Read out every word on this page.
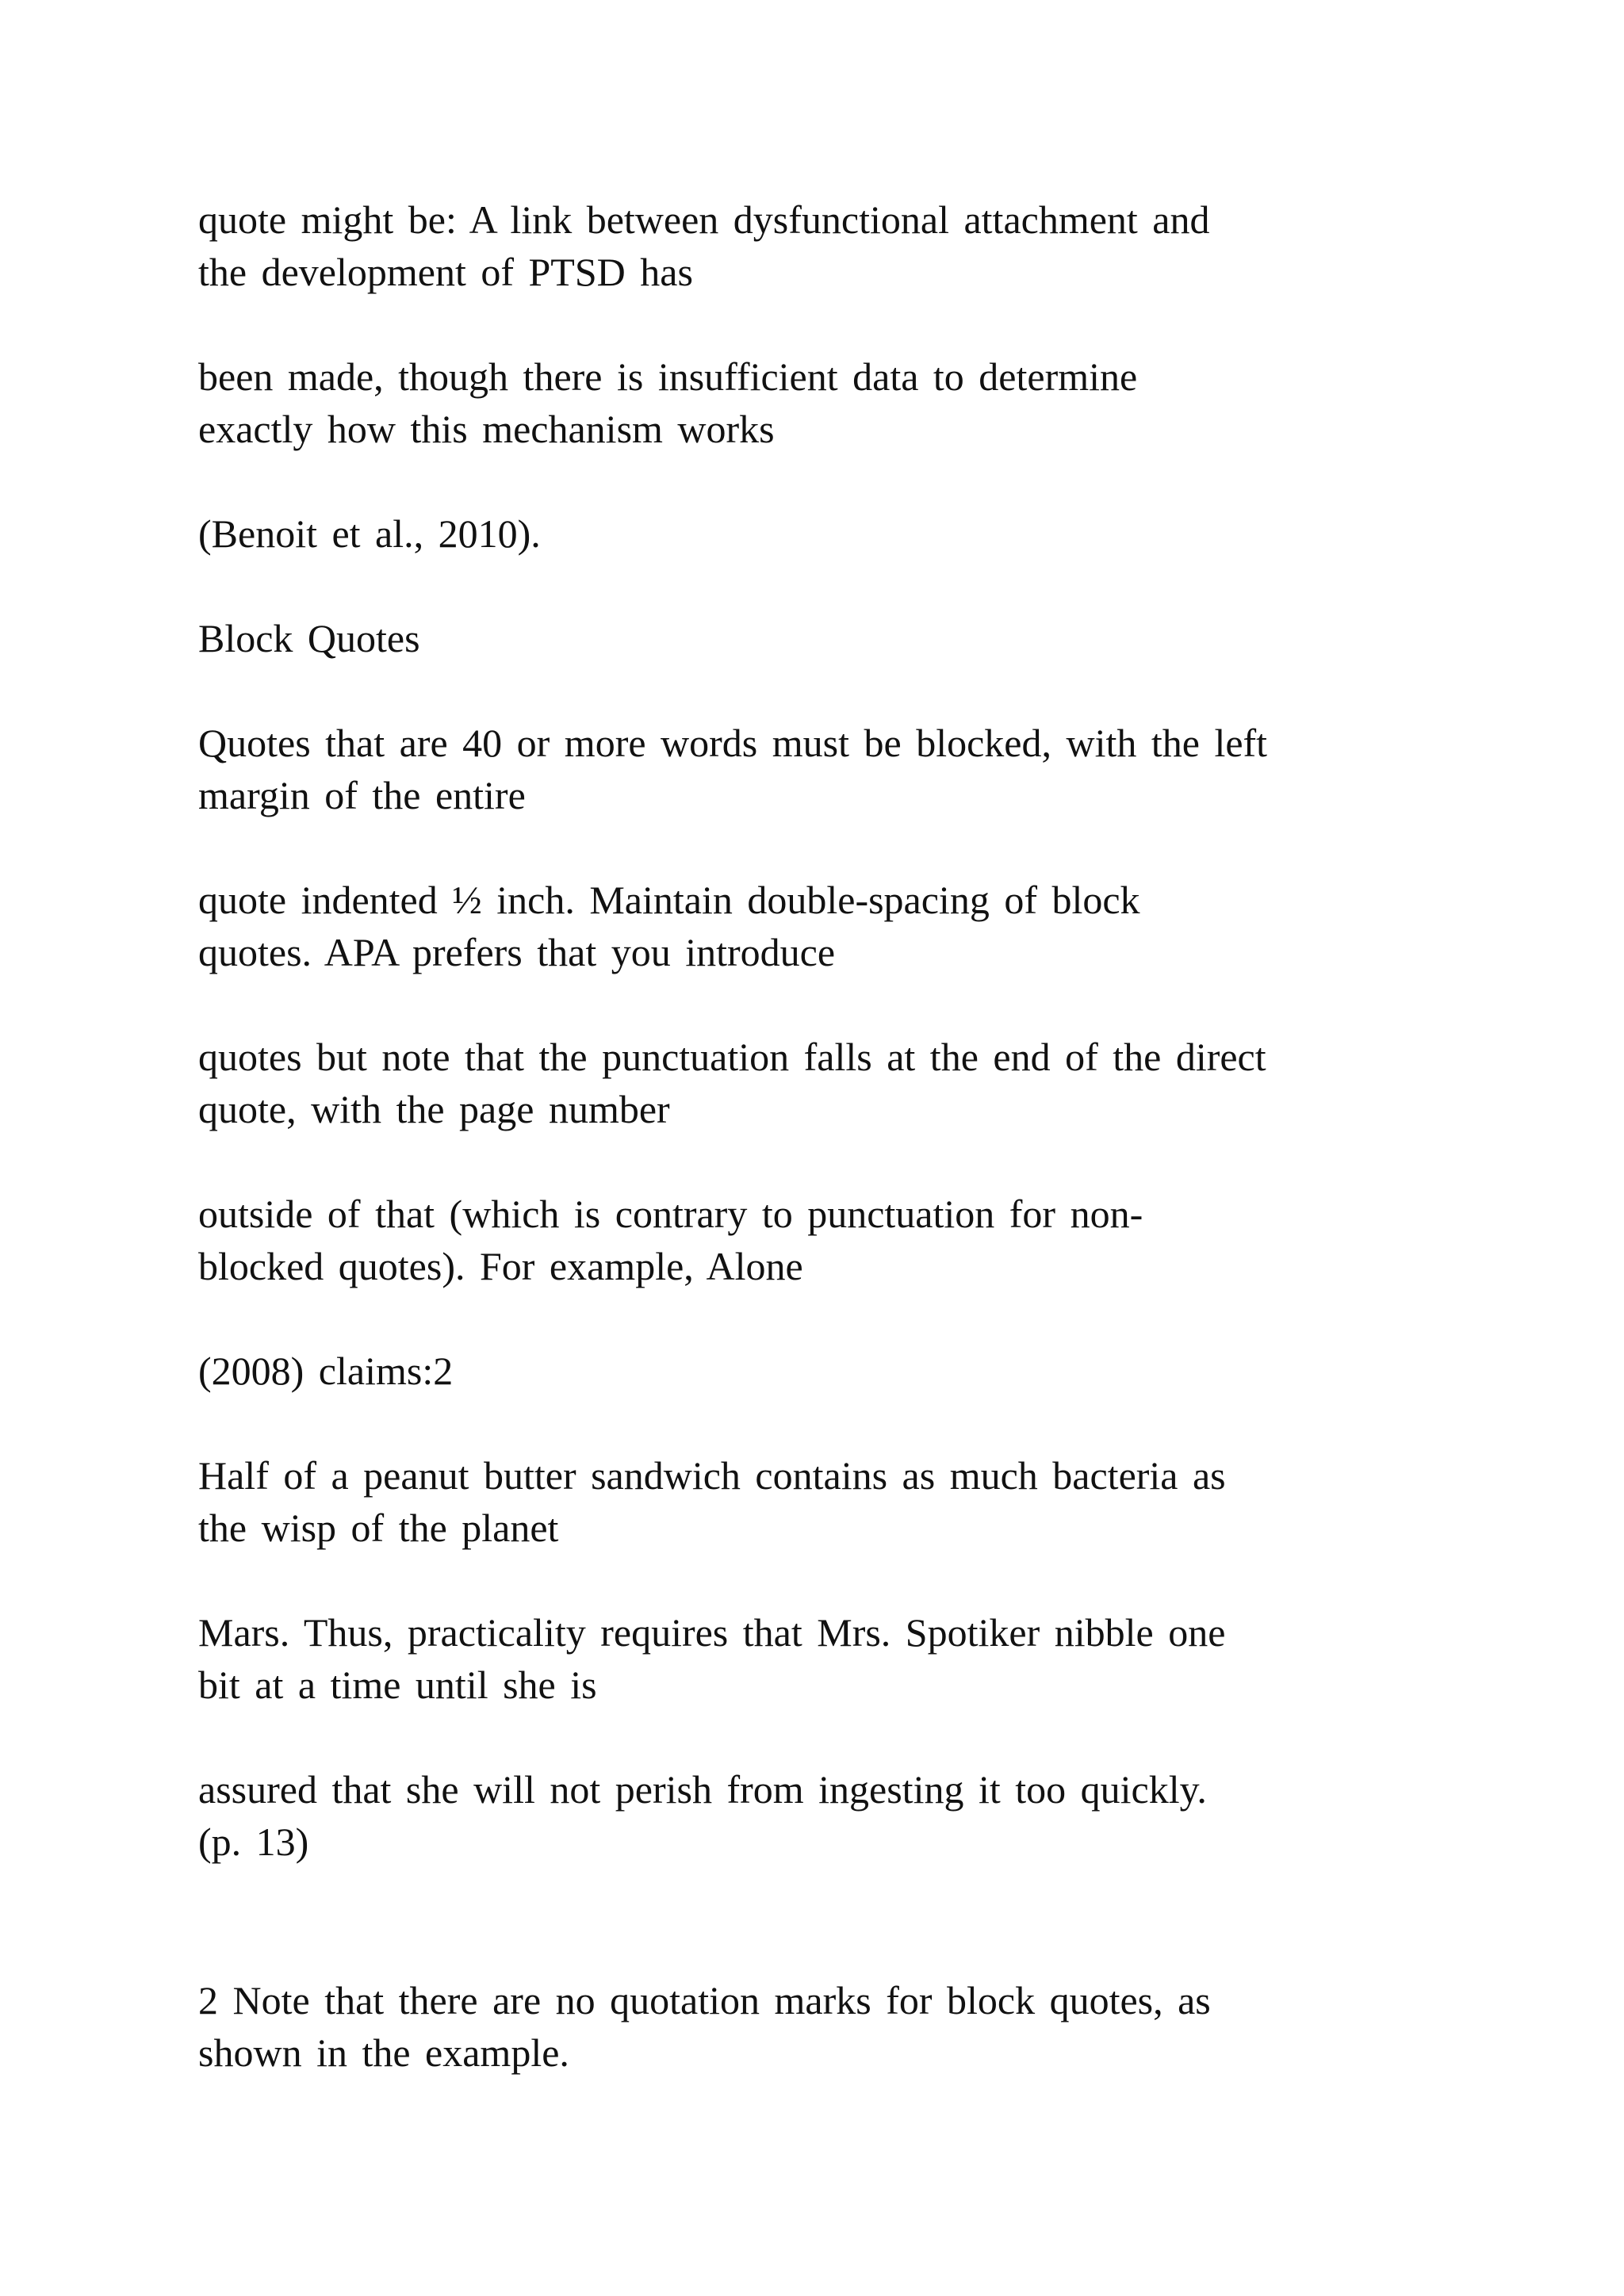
quote might be: A link between dysfunctional attachment and
the development of PTSD has

been made, though there is insufficient data to determine
exactly how this mechanism works

(Benoit et al., 2010).

Block Quotes

Quotes that are 40 or more words must be blocked, with the left
margin of the entire

quote indented ½ inch. Maintain double-spacing of block
quotes. APA prefers that you introduce

quotes but note that the punctuation falls at the end of the direct
quote, with the page number

outside of that (which is contrary to punctuation for non-
blocked quotes). For example, Alone

(2008) claims:2

Half of a peanut butter sandwich contains as much bacteria as
the wisp of the planet

Mars. Thus, practicality requires that Mrs. Spotiker nibble one
bit at a time until she is

assured that she will not perish from ingesting it too quickly.
(p. 13)

2 Note that there are no quotation marks for block quotes, as
shown in the example.
